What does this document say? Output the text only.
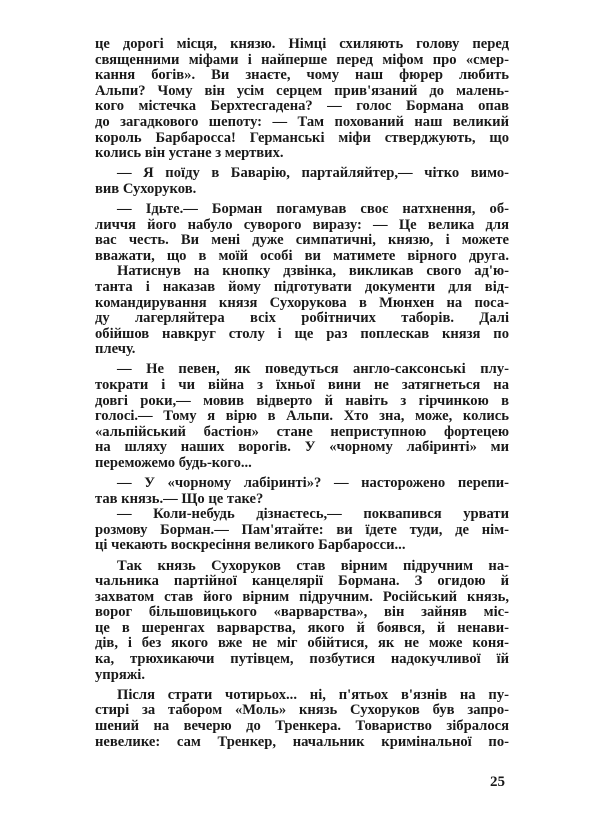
це дорогі місця, князю. Німці схиляють голову перед
священними міфами і найперше перед міфом про «смер-
кання богів». Ви знаєте, чому наш фюрер любить
Альпи? Чому він усім серцем прив'язаний до малень-
кого містечка Берхтесгадена? — голос Бормана опав
до загадкового шепоту: — Там похований наш великий
король Барбаросса! Германські міфи стверджують, що
колись він устане з мертвих.
— Я поїду в Баварію, партайляйтер,— чітко вимо-
вив Сухоруков.
— Ідьте.— Борман погамував своє натхнення, об-
личчя його набуло суворого виразу: — Це велика для
вас честь. Ви мені дуже симпатичні, князю, і можете
вважати, що в моїй особі ви матимете вірного друга.
Натиснув на кнопку дзвінка, викликав свого ад'ю-
танта і наказав йому підготувати документи для від-
командирування князя Сухорукова в Мюнхен на поса-
ду лагерляйтера всіх робітничих таборів. Далі
обійшов навкруг столу і ще раз поплескав князя по
плечу.
— Не певен, як поведуться англо-саксонські плу-
тократи і чи війна з їхньої вини не затягнеться на
довгі роки,— мовив відверто й навіть з гірчинкою в
голосі.— Тому я вірю в Альпи. Хто зна, може, колись
«альпійський бастіон» стане неприступною фортецею
на шляху наших ворогів. У «чорному лабіринті» ми
переможемо будь-кого...
— У «чорному лабіринті»? — насторожено перепи-
тав князь.— Що це таке?
— Коли-небудь дізнаєтесь,— поквапився урвати
розмову Борман.— Пам'ятайте: ви їдете туди, де нім-
ці чекають воскресіння великого Барбаросси...
Так князь Сухоруков став вірним підручним на-
чальника партійної канцелярії Бормана. З огидою й
захватом став його вірним підручним. Російський князь,
ворог більшовицького «варварства», він зайняв міс-
це в шеренгах варварства, якого й боявся, й ненави-
дів, і без якого вже не міг обійтися, як не може коня-
ка, трюхикаючи путівцем, позбутися надокучливої їй
упряжі.
Після страти чотирьох... ні, п'ятьох в'язнів на пу-
стирі за табором «Моль» князь Сухоруков був запро-
шений на вечерю до Тренкера. Товариство зібралося
невелике: сам Тренкер, начальник кримінальної по-
25
